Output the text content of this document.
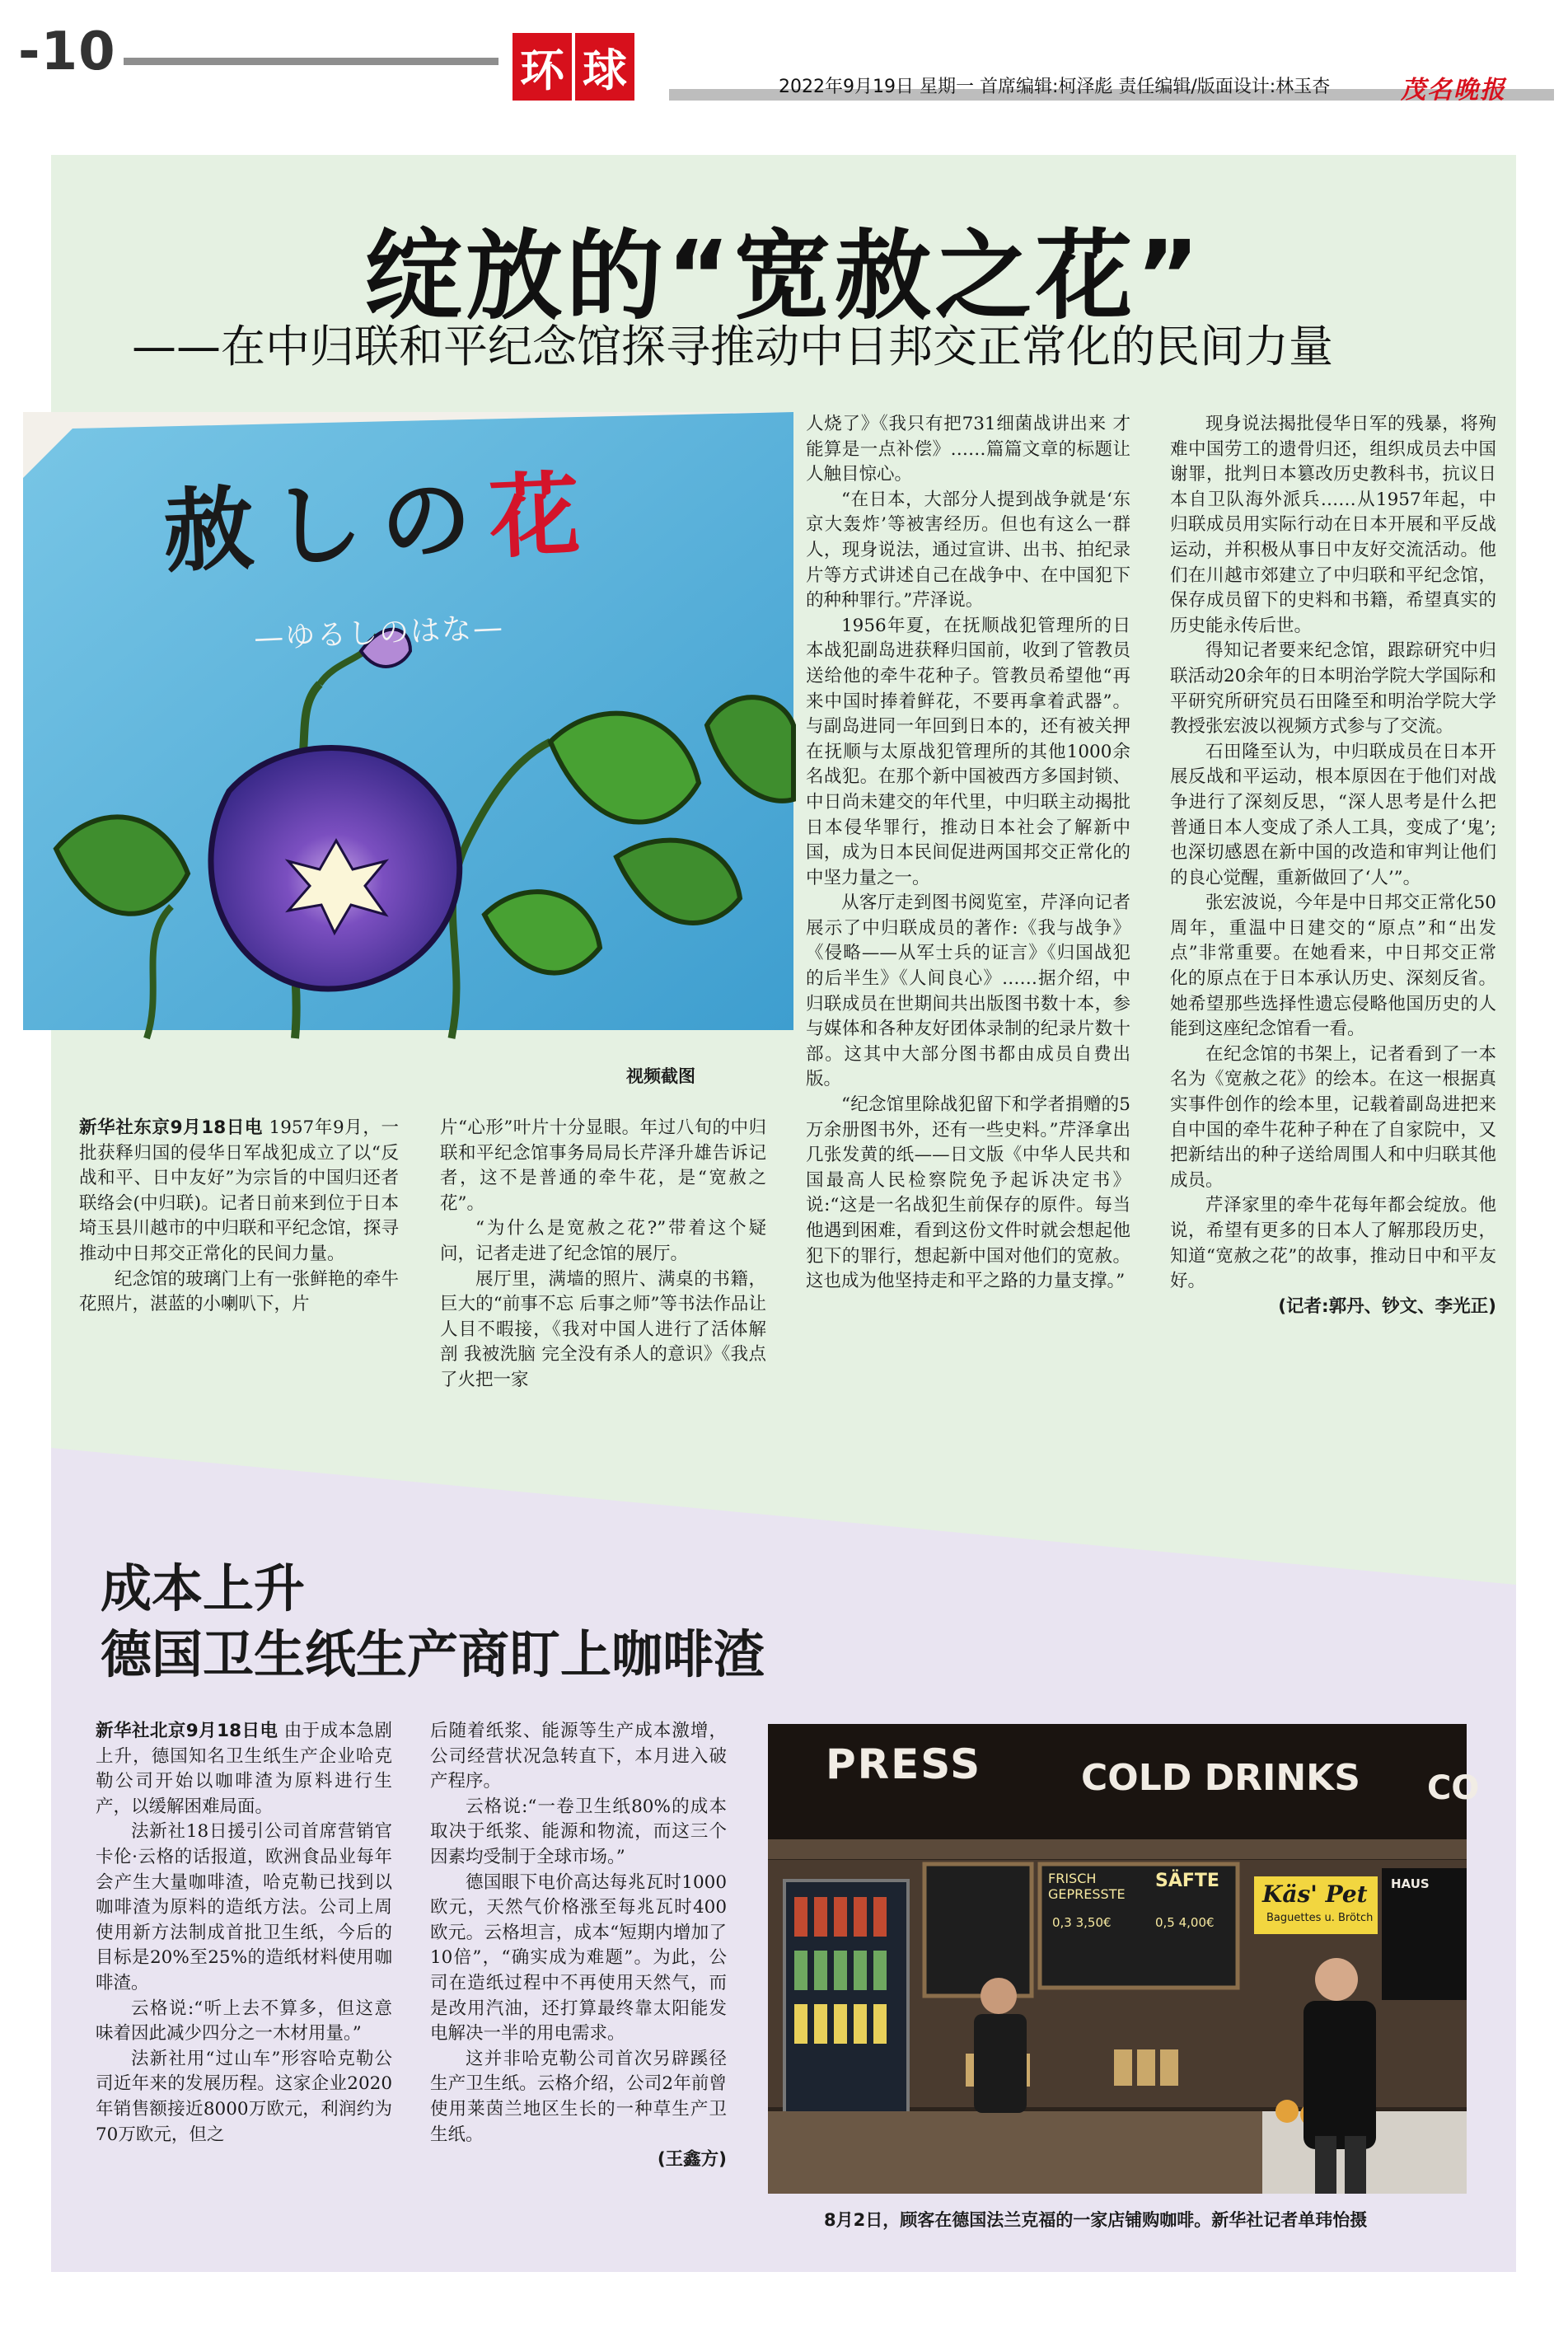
-10	环 球	2022年9月19日 星期一 首席编辑:柯泽彪 责任编辑/版面设计:林玉杏	茂名晚报
绽放的“宽赦之花”
——在中归联和平纪念馆探寻推动中日邦交正常化的民间力量
赦 し の 花
—ゆるしのはな—
视频截图

新华社东京9月18日电 1957年9月，一批获释归国的侵华日军战犯成立了以“反战和平、日中友好”为宗旨的中国归还者联络会(中归联)。记者日前来到位于日本埼玉县川越市的中归联和平纪念馆，探寻推动中日邦交正常化的民间力量。

纪念馆的玻璃门上有一张鲜艳的牵牛花照片，湛蓝的小喇叭下，片

片“心形”叶片十分显眼。年过八旬的中归联和平纪念馆事务局局长芹泽升雄告诉记者，这不是普通的牵牛花，是“宽赦之花”。

“为什么是宽赦之花?”带着这个疑问，记者走进了纪念馆的展厅。

展厅里，满墙的照片、满桌的书籍，巨大的“前事不忘 后事之师”等书法作品让人目不暇接，《我对中国人进行了活体解剖 我被洗脑 完全没有杀人的意识》《我点了火把一家

人烧了》《我只有把731细菌战讲出来 才能算是一点补偿》……篇篇文章的标题让人触目惊心。

“在日本，大部分人提到战争就是‘东京大轰炸’等被害经历。但也有这么一群人，现身说法，通过宣讲、出书、拍纪录片等方式讲述自己在战争中、在中国犯下的种种罪行。”芹泽说。

1956年夏，在抚顺战犯管理所的日本战犯副岛进获释归国前，收到了管教员送给他的牵牛花种子。管教员希望他“再来中国时捧着鲜花，不要再拿着武器”。与副岛进同一年回到日本的，还有被关押在抚顺与太原战犯管理所的其他1000余名战犯。在那个新中国被西方多国封锁、中日尚未建交的年代里，中归联主动揭批日本侵华罪行，推动日本社会了解新中国，成为日本民间促进两国邦交正常化的中坚力量之一。

从客厅走到图书阅览室，芹泽向记者展示了中归联成员的著作:《我与战争》《侵略——从军士兵的证言》《归国战犯的后半生》《人间良心》……据介绍，中归联成员在世期间共出版图书数十本，参与媒体和各种友好团体录制的纪录片数十部。这其中大部分图书都由成员自费出版。

“纪念馆里除战犯留下和学者捐赠的5万余册图书外，还有一些史料。”芹泽拿出几张发黄的纸——日文版《中华人民共和国最高人民检察院免予起诉决定书》说:“这是一名战犯生前保存的原件。每当他遇到困难，看到这份文件时就会想起他犯下的罪行，想起新中国对他们的宽赦。这也成为他坚持走和平之路的力量支撑。”

现身说法揭批侵华日军的残暴，将殉难中国劳工的遗骨归还，组织成员去中国谢罪，批判日本篡改历史教科书，抗议日本自卫队海外派兵……从1957年起，中归联成员用实际行动在日本开展和平反战运动，并积极从事日中友好交流活动。他们在川越市郊建立了中归联和平纪念馆，保存成员留下的史料和书籍，希望真实的历史能永传后世。

得知记者要来纪念馆，跟踪研究中归联活动20余年的日本明治学院大学国际和平研究所研究员石田隆至和明治学院大学教授张宏波以视频方式参与了交流。

石田隆至认为，中归联成员在日本开展反战和平运动，根本原因在于他们对战争进行了深刻反思，“深人思考是什么把普通日本人变成了杀人工具，变成了‘鬼’;也深切感恩在新中国的改造和审判让他们的良心觉醒，重新做回了‘人’”。

张宏波说，今年是中日邦交正常化50周年，重温中日建交的“原点”和“出发点”非常重要。在她看来，中日邦交正常化的原点在于日本承认历史、深刻反省。她希望那些选择性遗忘侵略他国历史的人能到这座纪念馆看一看。

在纪念馆的书架上，记者看到了一本名为《宽赦之花》的绘本。在这一根据真实事件创作的绘本里，记载着副岛进把来自中国的牵牛花种子种在了自家院中，又把新结出的种子送给周围人和中归联其他成员。

芹泽家里的牵牛花每年都会绽放。他说，希望有更多的日本人了解那段历史，知道“宽赦之花”的故事，推动日中和平友好。

(记者:郭丹、钞文、李光正)
成本上升
德国卫生纸生产商盯上咖啡渣

新华社北京9月18日电 由于成本急剧上升，德国知名卫生纸生产企业哈克勒公司开始以咖啡渣为原料进行生产，以缓解困难局面。

法新社18日援引公司首席营销官卡伦·云格的话报道，欧洲食品业每年会产生大量咖啡渣，哈克勒已找到以咖啡渣为原料的造纸方法。公司上周使用新方法制成首批卫生纸，今后的目标是20%至25%的造纸材料使用咖啡渣。

云格说:“听上去不算多，但这意味着因此减少四分之一木材用量。”

法新社用“过山车”形容哈克勒公司近年来的发展历程。这家企业2020年销售额接近8000万欧元，利润约为70万欧元，但之

后随着纸浆、能源等生产成本激增，公司经营状况急转直下，本月进入破产程序。

云格说:“一卷卫生纸80%的成本取决于纸浆、能源和物流，而这三个因素均受制于全球市场。”

德国眼下电价高达每兆瓦时1000欧元，天然气价格涨至每兆瓦时400欧元。云格坦言，成本“短期内增加了10倍”，“确实成为难题”。为此，公司在造纸过程中不再使用天然气，而是改用汽油，还打算最终靠太阳能发电解决一半的用电需求。

这并非哈克勒公司首次另辟蹊径生产卫生纸。云格介绍，公司2年前曾使用莱茵兰地区生长的一种草生产卫生纸。

(王鑫方)
PRESS	COLD DRINKS CO
FRISCH GEPRESSTE
SÄFTE
0,3 3,50€	0,5 4,00€
Käs' Pet
Baguettes u. Brötch
HAUS
8月2日，顾客在德国法兰克福的一家店铺购咖啡。新华社记者单玮怡摄
